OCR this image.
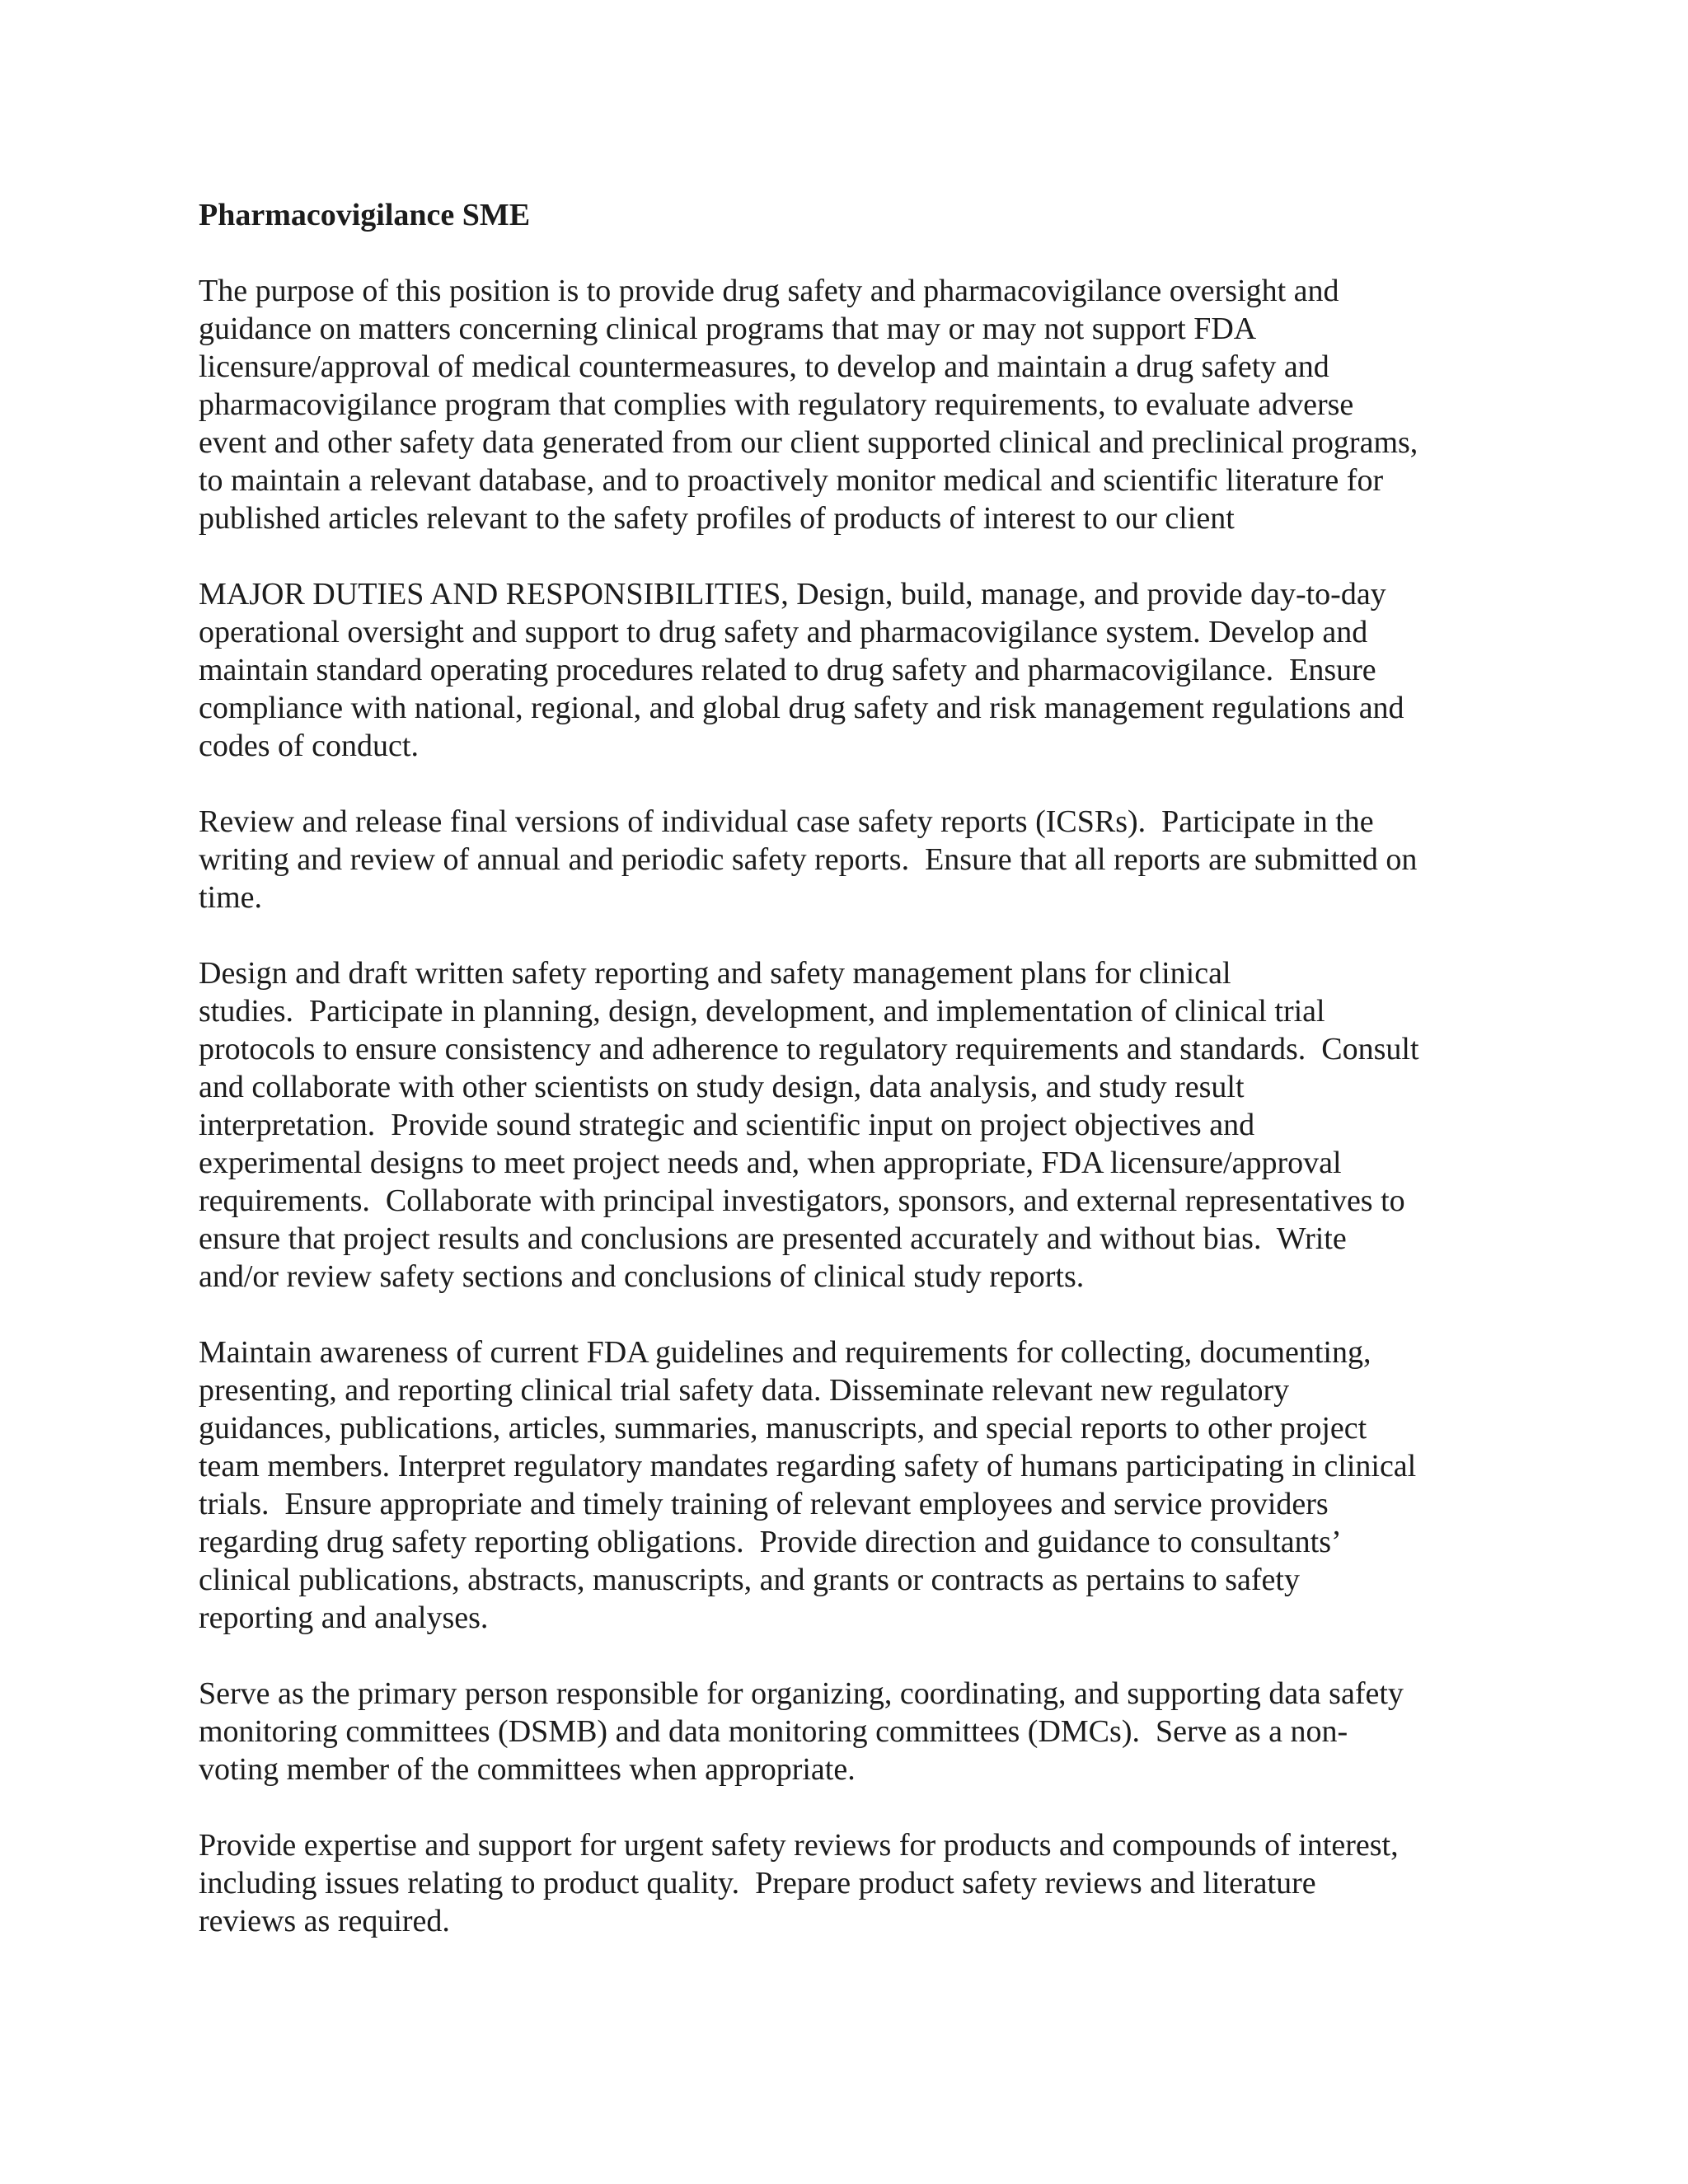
Pharmacovigilance SME
The purpose of this position is to provide drug safety and pharmacovigilance oversight and
guidance on matters concerning clinical programs that may or may not support FDA
licensure/approval of medical countermeasures, to develop and maintain a drug safety and
pharmacovigilance program that complies with regulatory requirements, to evaluate adverse
event and other safety data generated from our client supported clinical and preclinical programs,
to maintain a relevant database, and to proactively monitor medical and scientific literature for
published articles relevant to the safety profiles of products of interest to our client
MAJOR DUTIES AND RESPONSIBILITIES, Design, build, manage, and provide day-to-day
operational oversight and support to drug safety and pharmacovigilance system. Develop and
maintain standard operating procedures related to drug safety and pharmacovigilance.  Ensure
compliance with national, regional, and global drug safety and risk management regulations and
codes of conduct.
Review and release final versions of individual case safety reports (ICSRs).  Participate in the
writing and review of annual and periodic safety reports.  Ensure that all reports are submitted on
time.
Design and draft written safety reporting and safety management plans for clinical
studies.  Participate in planning, design, development, and implementation of clinical trial
protocols to ensure consistency and adherence to regulatory requirements and standards.  Consult
and collaborate with other scientists on study design, data analysis, and study result
interpretation.  Provide sound strategic and scientific input on project objectives and
experimental designs to meet project needs and, when appropriate, FDA licensure/approval
requirements.  Collaborate with principal investigators, sponsors, and external representatives to
ensure that project results and conclusions are presented accurately and without bias.  Write
and/or review safety sections and conclusions of clinical study reports.
Maintain awareness of current FDA guidelines and requirements for collecting, documenting,
presenting, and reporting clinical trial safety data. Disseminate relevant new regulatory
guidances, publications, articles, summaries, manuscripts, and special reports to other project
team members. Interpret regulatory mandates regarding safety of humans participating in clinical
trials.  Ensure appropriate and timely training of relevant employees and service providers
regarding drug safety reporting obligations.  Provide direction and guidance to consultants’
clinical publications, abstracts, manuscripts, and grants or contracts as pertains to safety
reporting and analyses.
Serve as the primary person responsible for organizing, coordinating, and supporting data safety
monitoring committees (DSMB) and data monitoring committees (DMCs).  Serve as a non-
voting member of the committees when appropriate.
Provide expertise and support for urgent safety reviews for products and compounds of interest,
including issues relating to product quality.  Prepare product safety reviews and literature
reviews as required.
